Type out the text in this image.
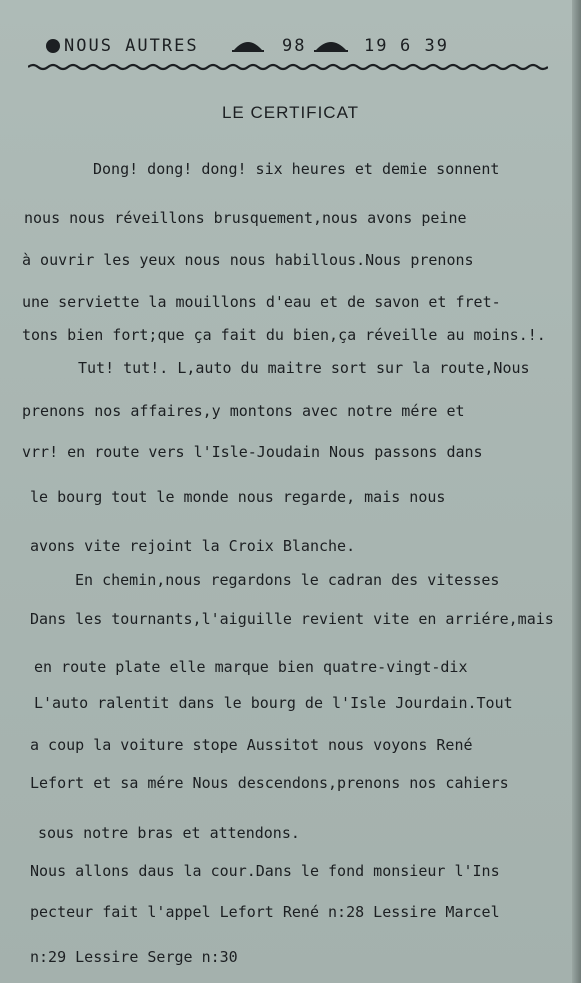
NOUS AUTRES	98	19 6 39
LE CERTIFICAT
Dong! dong! dong! six heures et demie sonnent
nous nous réveillons brusquement,nous avons peine
à ouvrir les yeux nous nous habillous.Nous prenons
une serviette la mouillons d'eau et de savon et fret-
tons bien fort;que ça fait du bien,ça réveille au moins.!.
Tut! tut!. L,auto du maitre sort sur la route,Nous
prenons nos affaires,y montons avec notre mére et
vrr! en route vers l'Isle-Joudain Nous passons dans
le bourg tout le monde nous regarde, mais nous
avons vite rejoint la Croix Blanche.
En chemin,nous regardons le cadran des vitesses
Dans les tournants,l'aiguille revient vite en arriére,mais
en route plate elle marque bien quatre-vingt-dix
L'auto ralentit dans le bourg de l'Isle Jourdain.Tout
a coup la voiture stope Aussitot nous voyons René
Lefort et sa mére Nous descendons,prenons nos cahiers
sous notre bras et attendons.
Nous allons daus la cour.Dans le fond monsieur l'Ins
pecteur fait l'appel Lefort René n:28 Lessire Marcel
n:29 Lessire Serge n:30
